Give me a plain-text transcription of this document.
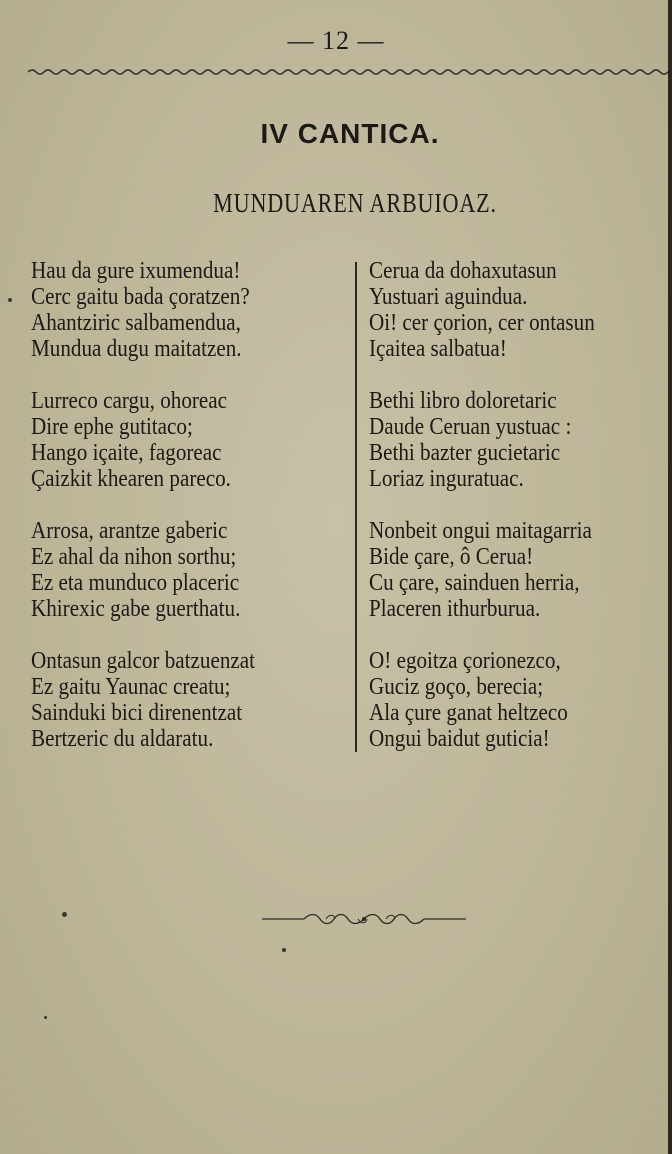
— 12 —
IV CANTICA.
MUNDUAREN ARBUIOAZ.
Hau da gure ixumendua!
Cerc gaitu bada çoratzen?
Ahantziric salbamendua,
Mundua dugu maitatzen.
Lurreco cargu, ohoreac
Dire ephe gutitaco;
Hango içaite, fagoreac
Çaizkit khearen pareco.
Arrosa, arantze gaberic
Ez ahal da nihon sorthu;
Ez eta munduco placeric
Khirexic gabe guerthatu.
Ontasun galcor batzuenzat
Ez gaitu Yaunac creatu;
Sainduki bici direnentzat
Bertzeric du aldaratu.
Cerua da dohaxutasun
Yustuari aguindua.
Oi! cer çorion, cer ontasun
Içaitea salbatua!
Bethi libro doloretaric
Daude Ceruan yustuac :
Bethi bazter gucietaric
Loriaz inguratuac.
Nonbeit ongui maitagarria
Bide çare, ô Cerua!
Cu çare, sainduen herria,
Placeren ithurburua.
O! egoitza çorionezco,
Guciz goço, berecia;
Ala çure ganat heltzeco
Ongui baidut guticia!
